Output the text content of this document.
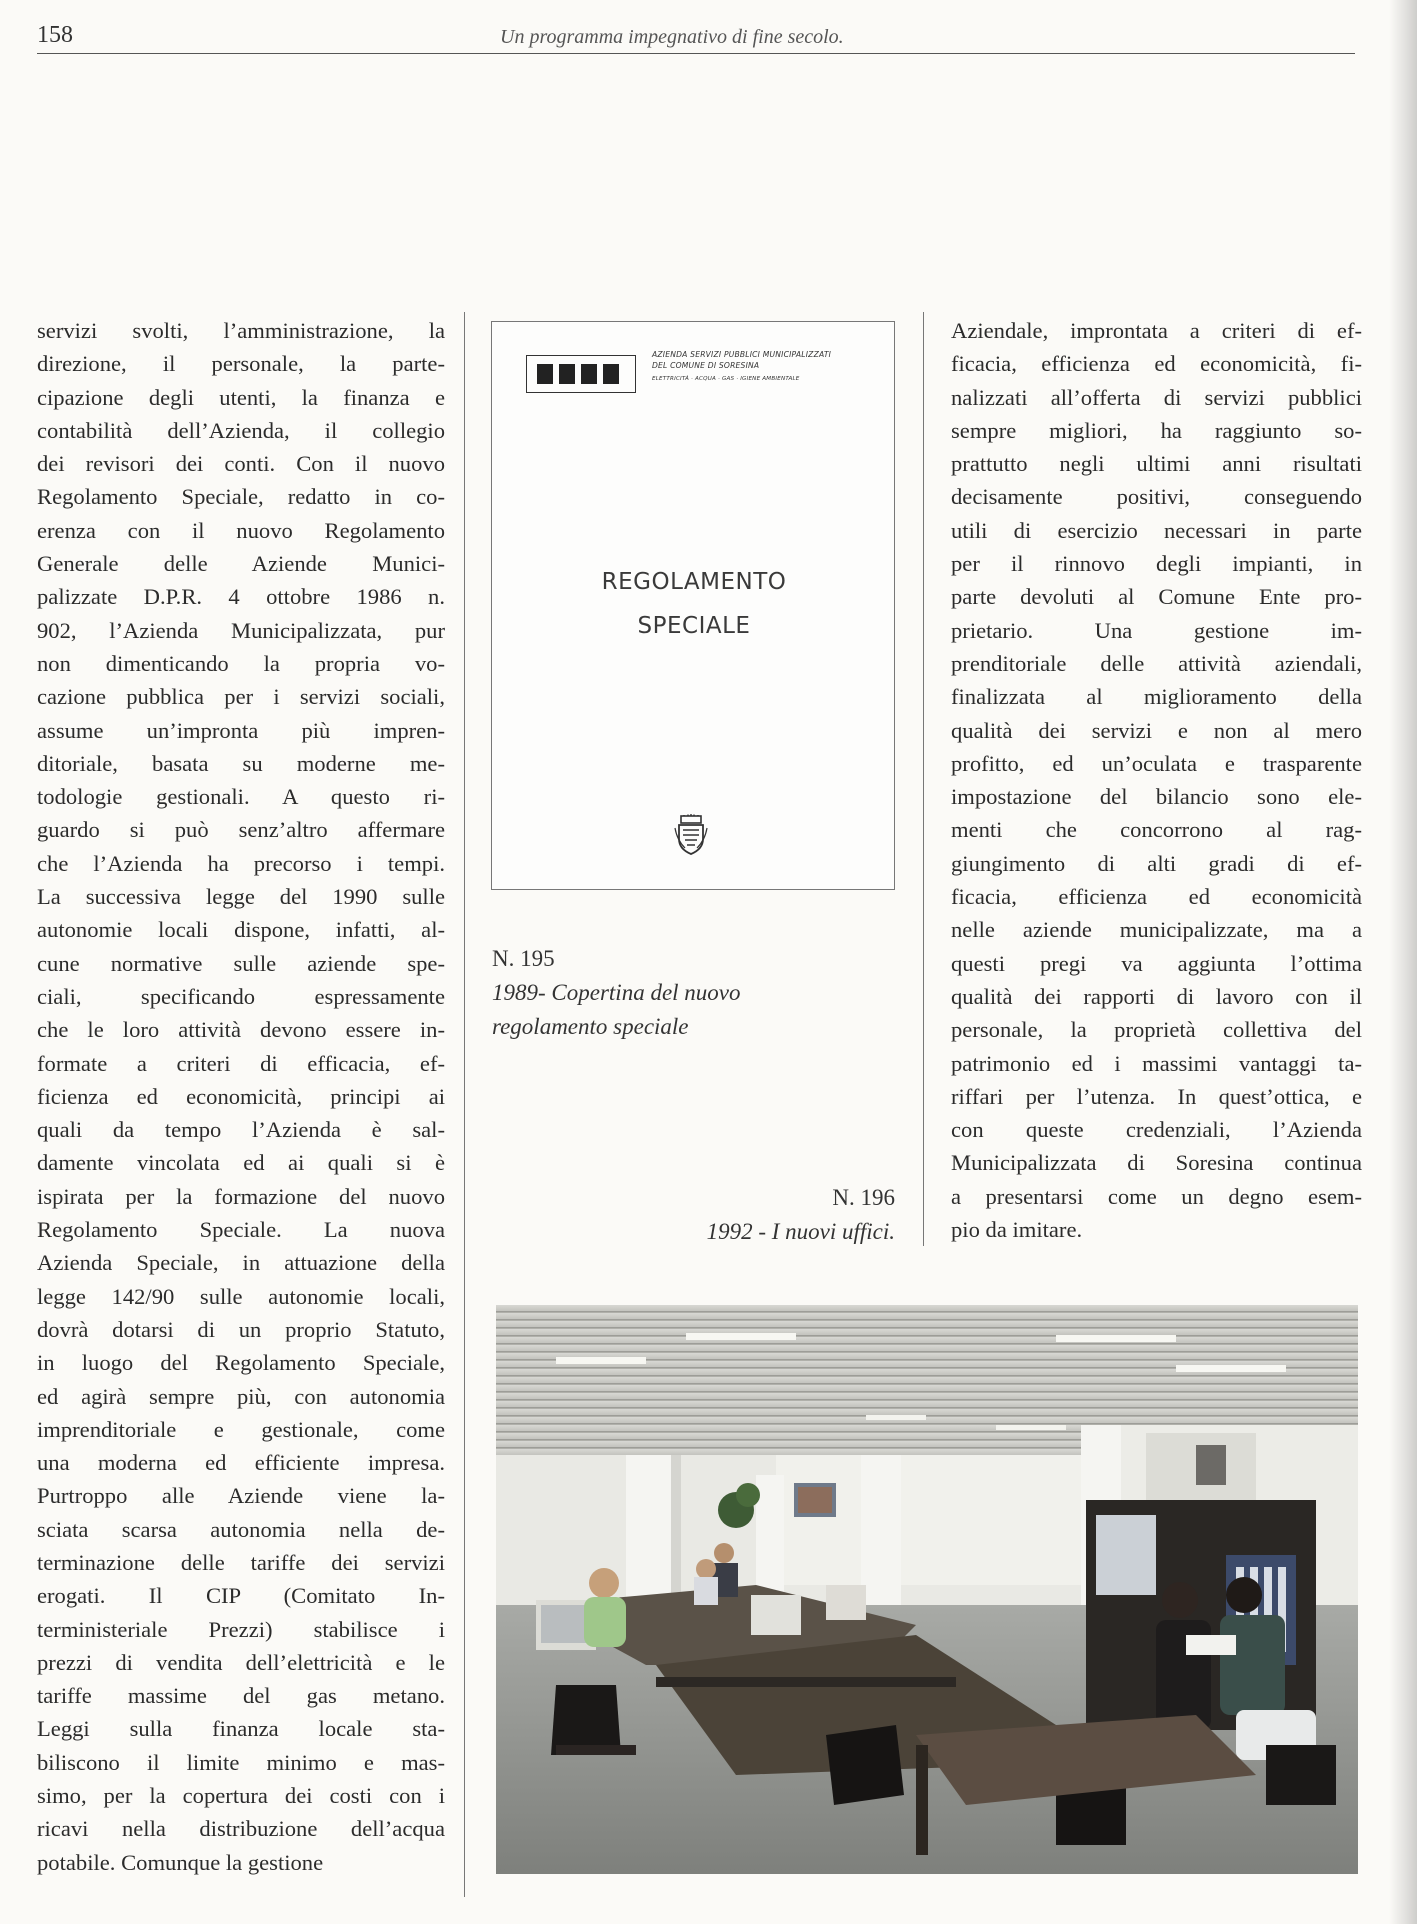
158	Un programma impegnativo di fine secolo.
servizi svolti, l’amministrazione, la
direzione, il personale, la parte-
cipazione degli utenti, la finanza e
contabilità dell’Azienda, il collegio
dei revisori dei conti. Con il nuovo
Regolamento Speciale, redatto in co-
erenza con il nuovo Regolamento
Generale delle Aziende Munici-
palizzate D.P.R. 4 ottobre 1986 n.
902, l’Azienda Municipalizzata, pur
non dimenticando la propria vo-
cazione pubblica per i servizi sociali,
assume un’impronta più impren-
ditoriale, basata su moderne me-
todologie gestionali. A questo ri-
guardo si può senz’altro affermare
che l’Azienda ha precorso i tempi.
La successiva legge del 1990 sulle
autonomie locali dispone, infatti, al-
cune normative sulle aziende spe-
ciali, specificando espressamente
che le loro attività devono essere in-
formate a criteri di efficacia, ef-
ficienza ed economicità, principi ai
quali da tempo l’Azienda è sal-
damente vincolata ed ai quali si è
ispirata per la formazione del nuovo
Regolamento Speciale. La nuova
Azienda Speciale, in attuazione della
legge 142/90 sulle autonomie locali,
dovrà dotarsi di un proprio Statuto,
in luogo del Regolamento Speciale,
ed agirà sempre più, con autonomia
imprenditoriale e gestionale, come
una moderna ed efficiente impresa.
Purtroppo alle Aziende viene la-
sciata scarsa autonomia nella de-
terminazione delle tariffe dei servizi
erogati. Il CIP (Comitato In-
terministeriale Prezzi) stabilisce i
prezzi di vendita dell’elettricità e le
tariffe massime del gas metano.
Leggi sulla finanza locale sta-
biliscono il limite minimo e mas-
simo, per la copertura dei costi con i
ricavi nella distribuzione dell’acqua
potabile. Comunque la gestione
AZIENDA SERVIZI PUBBLICI MUNICIPALIZZATI
DEL COMUNE DI SORESINA
ELETTRICITÀ · ACQUA · GAS · IGIENE AMBIENTALE
REGOLAMENTO
SPECIALE
N. 195
1989- Copertina del nuovo
regolamento speciale
N. 196
1992 - I nuovi uffici.
Aziendale, improntata a criteri di ef-
ficacia, efficienza ed economicità, fi-
nalizzati all’offerta di servizi pubblici
sempre migliori, ha raggiunto so-
prattutto negli ultimi anni risultati
decisamente positivi, conseguendo
utili di esercizio necessari in parte
per il rinnovo degli impianti, in
parte devoluti al Comune Ente pro-
prietario. Una gestione im-
prenditoriale delle attività aziendali,
finalizzata al miglioramento della
qualità dei servizi e non al mero
profitto, ed un’oculata e trasparente
impostazione del bilancio sono ele-
menti che concorrono al rag-
giungimento di alti gradi di ef-
ficacia, efficienza ed economicità
nelle aziende municipalizzate, ma a
questi pregi va aggiunta l’ottima
qualità dei rapporti di lavoro con il
personale, la proprietà collettiva del
patrimonio ed i massimi vantaggi ta-
riffari per l’utenza. In quest’ottica, e
con queste credenziali, l’Azienda
Municipalizzata di Soresina continua
a presentarsi come un degno esem-
pio da imitare.
